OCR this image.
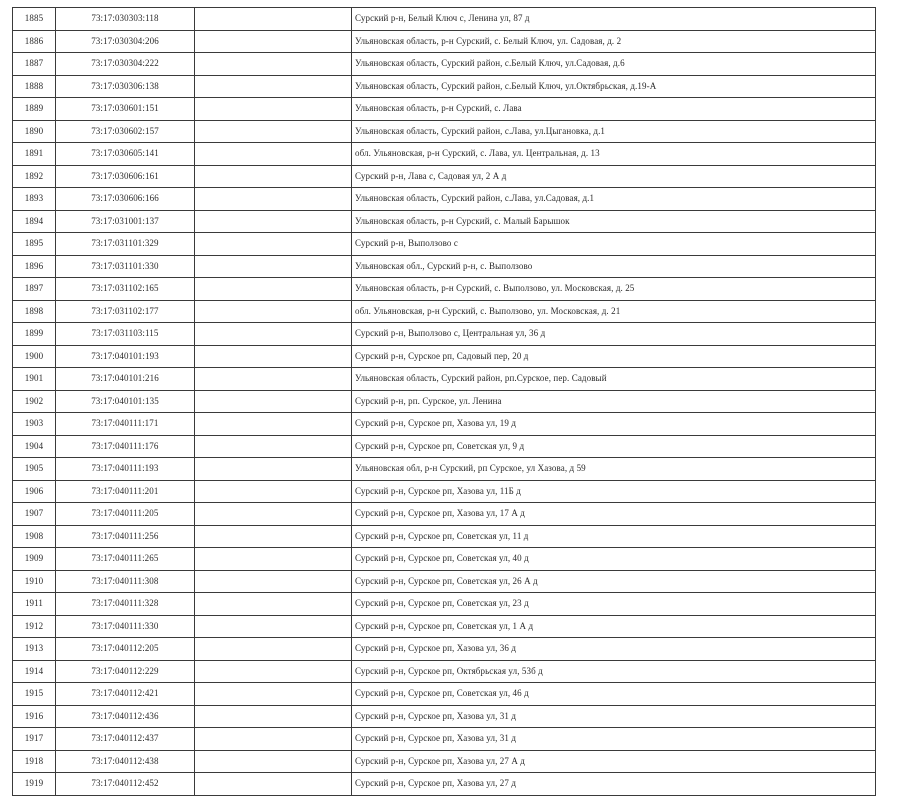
1885	73:17:030303:118		Сурский р-н, Белый Ключ с, Ленина ул, 87 д
1886	73:17:030304:206		Ульяновская область, р-н Сурский, с. Белый Ключ, ул. Садовая, д. 2
1887	73:17:030304:222		Ульяновская область, Сурский район, с.Белый Ключ, ул.Садовая, д.6
1888	73:17:030306:138		Ульяновская область, Сурский район, с.Белый Ключ, ул.Октябрьская, д.19-А
1889	73:17:030601:151		Ульяновская область, р-н Сурский, с. Лава
1890	73:17:030602:157		Ульяновская область, Сурский район, с.Лава, ул.Цыгановка, д.1
1891	73:17:030605:141		обл. Ульяновская, р-н Сурский, с. Лава, ул. Центральная, д. 13
1892	73:17:030606:161		Сурский р-н, Лава с, Садовая ул, 2 А д
1893	73:17:030606:166		Ульяновская область, Сурский район, с.Лава, ул.Садовая, д.1
1894	73:17:031001:137		Ульяновская область, р-н Сурский, с. Малый Барышок
1895	73:17:031101:329		Сурский р-н, Выползово с
1896	73:17:031101:330		Ульяновская обл., Сурский р-н, с. Выползово
1897	73:17:031102:165		Ульяновская область, р-н Сурский, с. Выползово, ул. Московская, д. 25
1898	73:17:031102:177		обл. Ульяновская, р-н Сурский, с. Выползово, ул. Московская, д. 21
1899	73:17:031103:115		Сурский р-н, Выползово с, Центральная ул, 36 д
1900	73:17:040101:193		Сурский р-н, Сурское рп, Садовый пер, 20 д
1901	73:17:040101:216		Ульяновская область, Сурский район, рп.Сурское, пер. Садовый
1902	73:17:040101:135		Сурский р-н, рп. Сурское, ул. Ленина
1903	73:17:040111:171		Сурский р-н, Сурское рп, Хазова ул, 19 д
1904	73:17:040111:176		Сурский р-н, Сурское рп, Советская ул, 9 д
1905	73:17:040111:193		Ульяновская обл, р-н Сурский, рп Сурское, ул Хазова, д 59
1906	73:17:040111:201		Сурский р-н, Сурское рп, Хазова ул, 11Б д
1907	73:17:040111:205		Сурский р-н, Сурское рп, Хазова ул, 17 А д
1908	73:17:040111:256		Сурский р-н, Сурское рп, Советская ул, 11 д
1909	73:17:040111:265		Сурский р-н, Сурское рп, Советская ул, 40 д
1910	73:17:040111:308		Сурский р-н, Сурское рп, Советская ул, 26 А д
1911	73:17:040111:328		Сурский р-н, Сурское рп, Советская ул, 23 д
1912	73:17:040111:330		Сурский р-н, Сурское рп, Советская ул, 1 А д
1913	73:17:040112:205		Сурский р-н, Сурское рп, Хазова ул, 36 д
1914	73:17:040112:229		Сурский р-н, Сурское рп, Октябрьская ул, 53б д
1915	73:17:040112:421		Сурский р-н, Сурское рп, Советская ул, 46 д
1916	73:17:040112:436		Сурский р-н, Сурское рп, Хазова ул, 31 д
1917	73:17:040112:437		Сурский р-н, Сурское рп, Хазова ул, 31 д
1918	73:17:040112:438		Сурский р-н, Сурское рп, Хазова ул, 27 А д
1919	73:17:040112:452		Сурский р-н, Сурское рп, Хазова ул, 27 д
